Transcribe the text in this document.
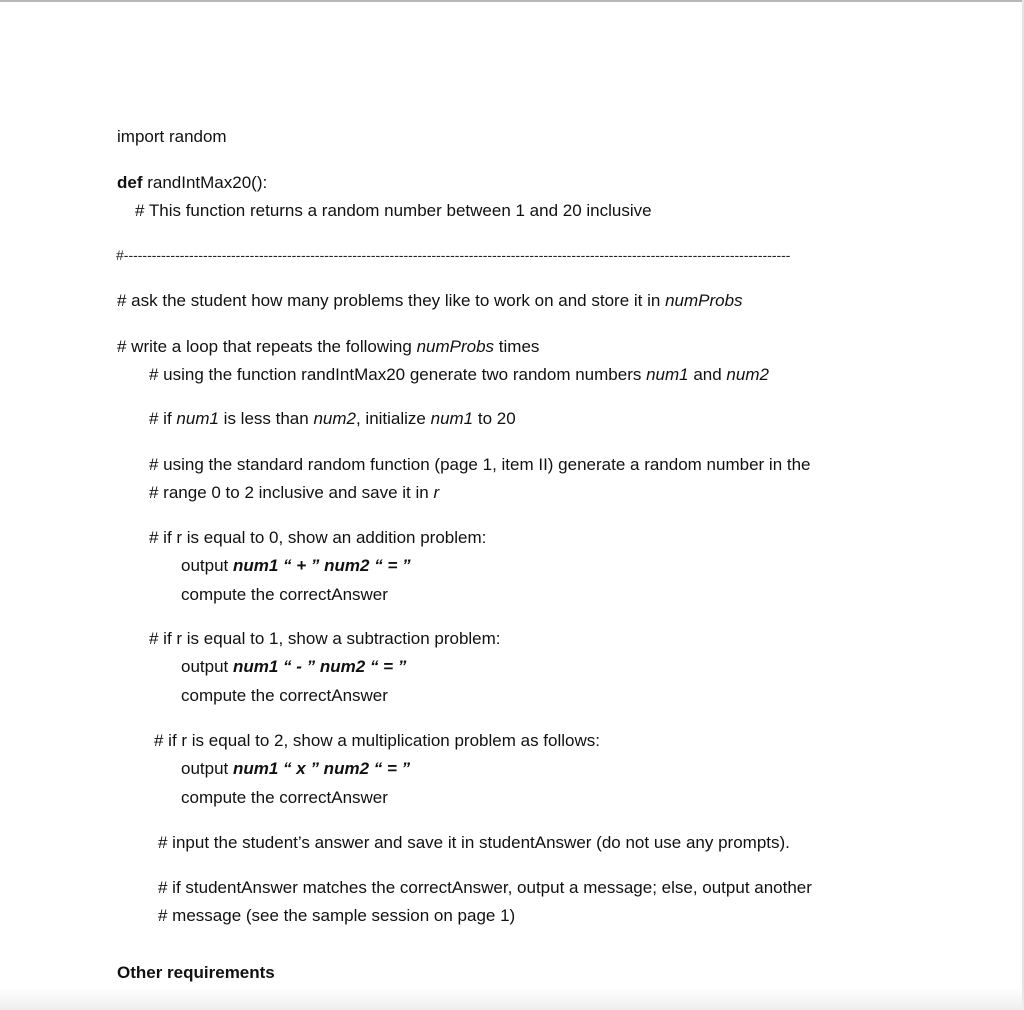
import random
def randIntMax20():
# This function returns a random number between 1 and 20 inclusive
#-----------------------------------------------------------------------------------------------------------------------------------------------
# ask the student how many problems they like to work on and store it in numProbs
# write a loop that repeats the following numProbs times
# using the function randIntMax20 generate two random numbers num1 and num2
# if num1 is less than num2, initialize num1 to 20
# using the standard random function (page 1, item II) generate a random number in the
# range 0 to 2 inclusive and save it in r
# if r is equal to 0, show an addition problem:
output num1 “ + ” num2 “ = ”
compute the correctAnswer
# if r is equal to 1, show a subtraction problem:
output num1 “ - ” num2 “ = ”
compute the correctAnswer
# if r is equal to 2, show a multiplication problem as follows:
output num1 “ x ” num2 “ = ”
compute the correctAnswer
# input the student’s answer and save it in studentAnswer (do not use any prompts).
# if studentAnswer matches the correctAnswer, output a message; else, output another
# message (see the sample session on page 1)
Other requirements
